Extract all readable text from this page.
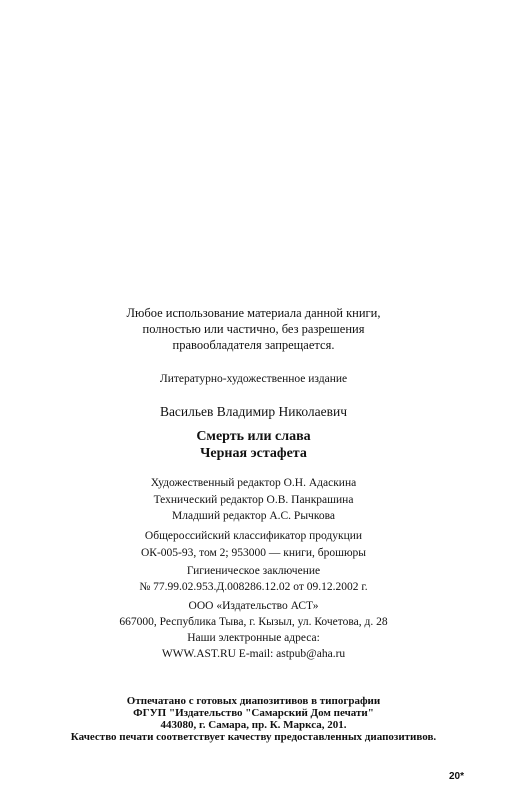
Любое использование материала данной книги,
полностью или частично, без разрешения
правообладателя запрещается.
Литературно-художественное издание
Васильев Владимир Николаевич
Смерть или слава
Черная эстафета
Художественный редактор О.Н. Адаскина
Технический редактор О.В. Панкрашина
Младший редактор А.С. Рычкова
Общероссийский классификатор продукции
ОК-005-93, том 2; 953000 — книги, брошюры
Гигиеническое заключение
№ 77.99.02.953.Д.008286.12.02 от 09.12.2002 г.
ООО «Издательство АСТ»
667000, Республика Тыва, г. Кызыл, ул. Кочетова, д. 28
Наши электронные адреса:
WWW.AST.RU E-mail: astpub@aha.ru
Отпечатано с готовых диапозитивов в типографии
ФГУП "Издательство "Самарский Дом печати"
443080, г. Самара, пр. К. Маркса, 201.
Качество печати соответствует качеству предоставленных диапозитивов.
20*
